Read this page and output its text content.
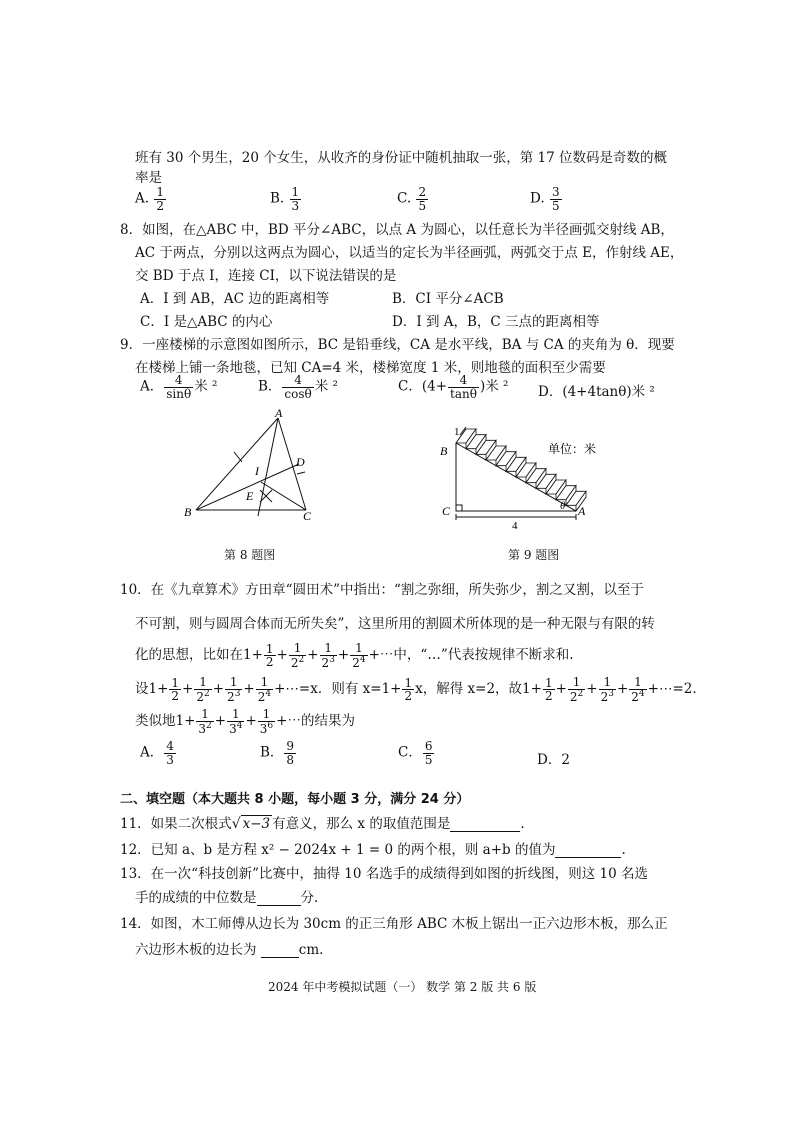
班有 30 个男生，20 个女生，从收齐的身份证中随机抽取一张，第 17 位数码是奇数的概
率是
A. $\frac{1}{2}$	B. $\frac{1}{3}$	C. $\frac{2}{5}$	D. $\frac{3}{5}$
8．如图，在△ABC 中，BD 平分∠ABC，以点 A 为圆心，以任意长为半径画弧交射线 AB，
AC 于两点，分别以这两点为圆心，以适当的定长为半径画弧，两弧交于点 E，作射线 AE，
交 BD 于点 I，连接 CI，以下说法错误的是
A．I 到 AB，AC 边的距离相等	B．CI 平分∠ACB
C．I 是△ABC 的内心	D．I 到 A，B，C 三点的距离相等
9．一座楼梯的示意图如图所示，BC 是铅垂线，CA 是水平线，BA 与 CA 的夹角为 θ．现要
在楼梯上铺一条地毯，已知 CA=4 米，楼梯宽度 1 米，则地毯的面积至少需要
A． $\frac{4}{\sin\theta}$ 米 ²	B． $\frac{4}{\cos\theta}$ 米 ²	C．($4+ \frac{4}{\tan\theta}$ )米 ² D．(4+4tanθ)米 ²
A
B	C
D
E
I
第 8 题图
1
单位：米
4
θ
B
C	A
第 9 题图
10．在《九章算术》方田章“圆田术”中指出：“割之弥细，所失弥少，割之又割，以至于
不可割，则与圆周合体而无所失矣”，这里所用的割圆术所体现的是一种无限与有限的转
化的思想，比如在$1+ \frac{1}{2} + \frac{1}{2^2} + \frac{1}{2^3} + \frac{1}{2^4}$ +⋯中，“…”代表按规律不断求和.
设$1+ \frac{1}{2} + \frac{1}{2^2} + \frac{1}{2^3} + \frac{1}{2^4}$ +⋯=x．则有 $x=1+ \frac{1}{2}$ x，解得 x=2，故$1+ \frac{1}{2} + \frac{1}{2^2} + \frac{1}{2^3} + \frac{1}{2^4}$ +⋯=2．
类似地$1+ \frac{1}{3^2} + \frac{1}{3^4} + \frac{1}{3^6}$ +⋯的结果为
A． $\frac{4}{3}$	B． $\frac{9}{8}$	C． $\frac{6}{5}$	D．2
二、填空题（本大题共 8 小题，每小题 3 分，满分 24 分）
11．如果二次根式√ x−3 有意义，那么 x 的取值范围是	.
12．已知 a、b 是方程 x² − 2024x + 1 = 0 的两个根，则 a+b 的值为	.
13．在一次“科技创新”比赛中，抽得 10 名选手的成绩得到如图的折线图，则这 10 名选
手的成绩的中位数是	分.
14．如图，木工师傅从边长为 30cm 的正三角形 ABC 木板上锯出一正六边形木板，那么正
六边形木板的边长为	cm.
2024 年中考模拟试题（一） 数学 第 2 版 共 6 版
